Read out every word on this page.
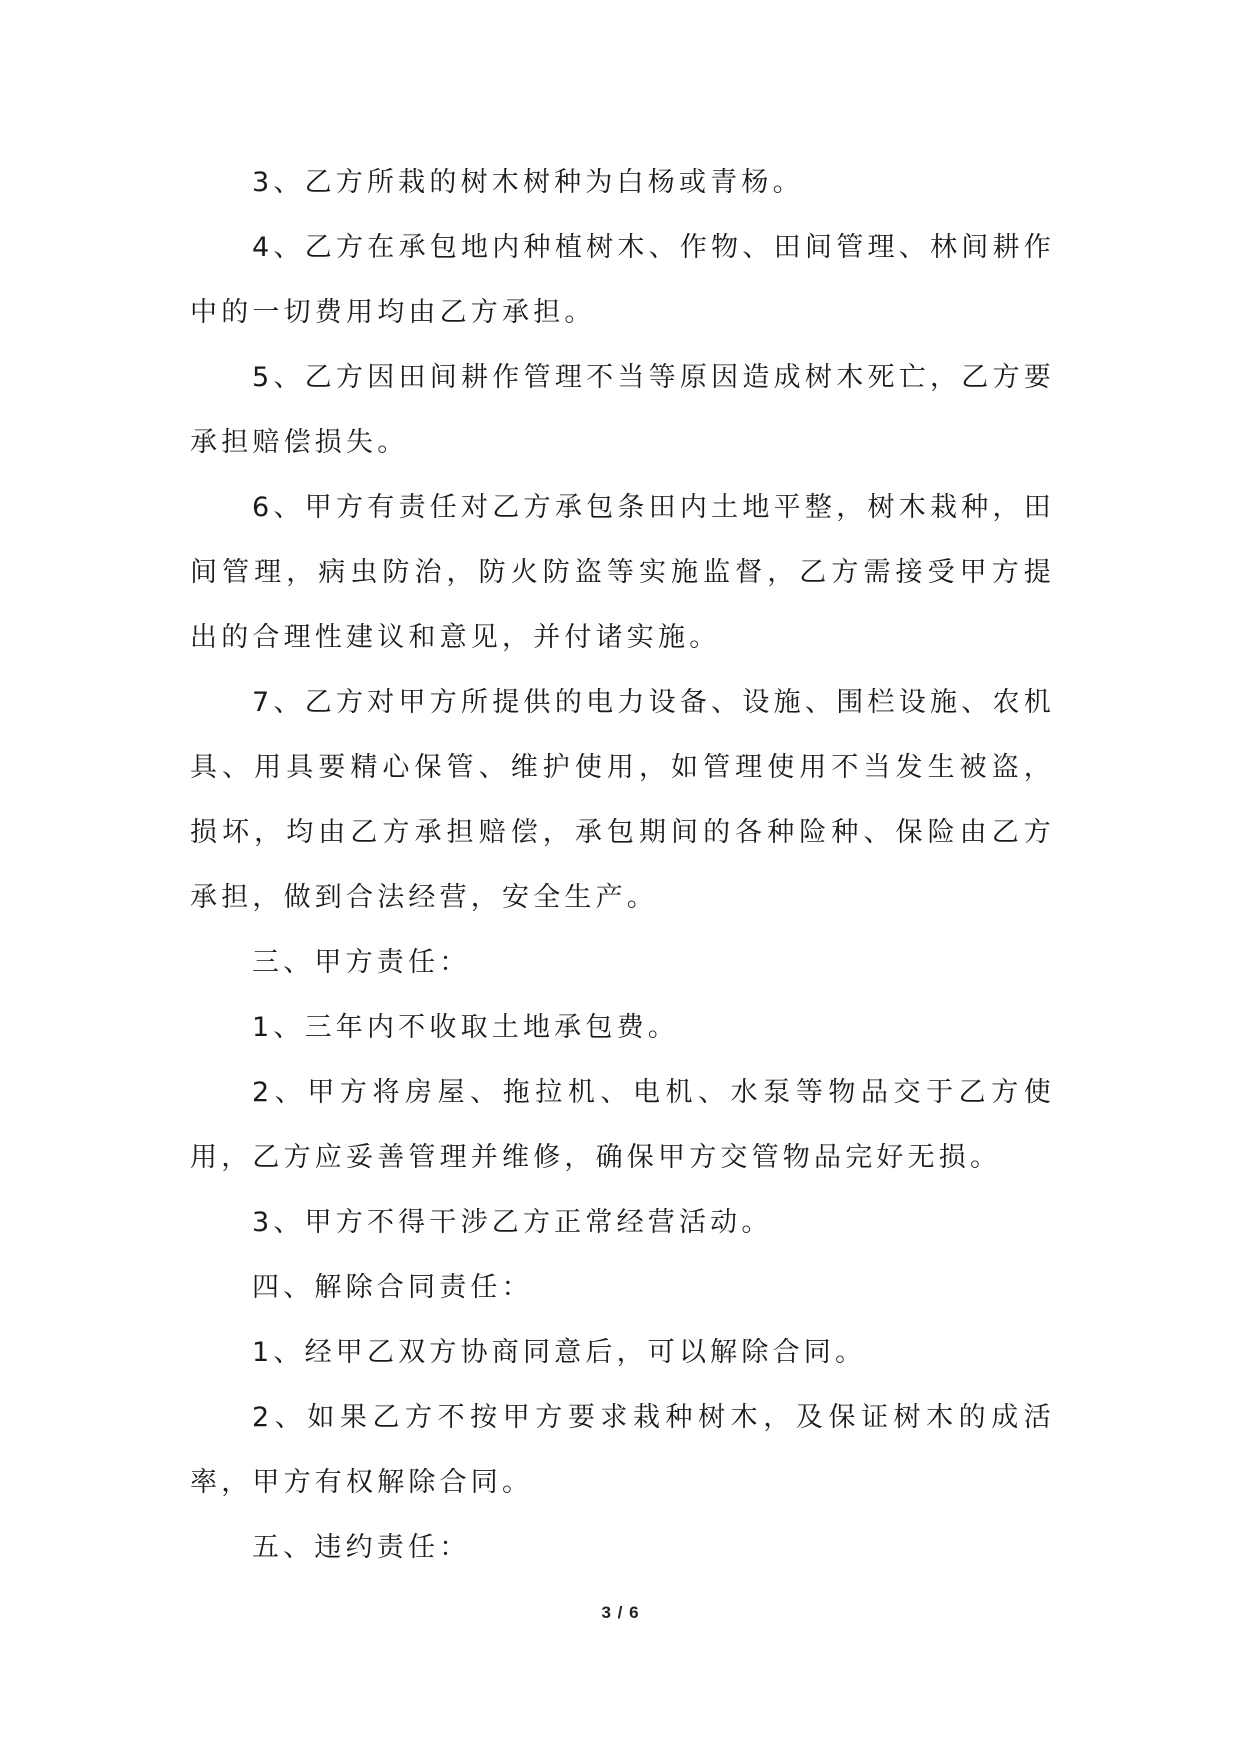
3、乙方所栽的树木树种为白杨或青杨。

4、乙方在承包地内种植树木、作物、田间管理、林间耕作中的一切费用均由乙方承担。

5、乙方因田间耕作管理不当等原因造成树木死亡，乙方要承担赔偿损失。

6、甲方有责任对乙方承包条田内土地平整，树木栽种，田间管理，病虫防治，防火防盗等实施监督，乙方需接受甲方提出的合理性建议和意见，并付诸实施。

7、乙方对甲方所提供的电力设备、设施、围栏设施、农机具、用具要精心保管、维护使用，如管理使用不当发生被盗，损坏，均由乙方承担赔偿，承包期间的各种险种、保险由乙方承担，做到合法经营，安全生产。

三、甲方责任：

1、三年内不收取土地承包费。

2、甲方将房屋、拖拉机、电机、水泵等物品交于乙方使用，乙方应妥善管理并维修，确保甲方交管物品完好无损。

3、甲方不得干涉乙方正常经营活动。

四、解除合同责任：

1、经甲乙双方协商同意后，可以解除合同。

2、如果乙方不按甲方要求栽种树木，及保证树木的成活率，甲方有权解除合同。

五、违约责任：

3 / 6
